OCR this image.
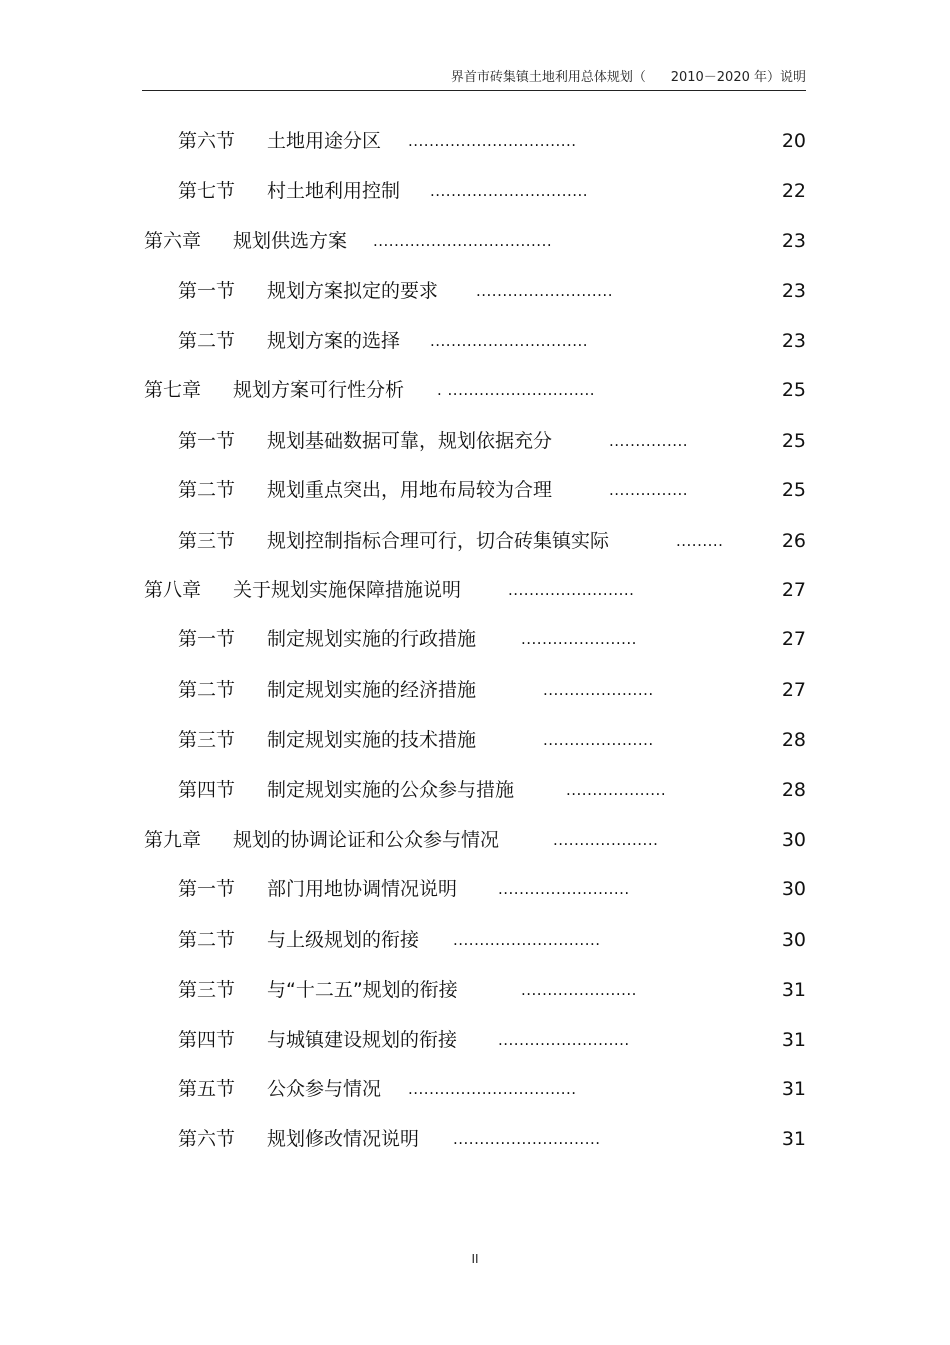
界首市砖集镇土地利用总体规划（ 2010－2020 年）说明
第六节 土地用途分区 ................................	20
第七节 村土地利用控制 ..............................	22
第六章 规划供选方案 ..................................	23
第一节 规划方案拟定的要求	..........................	23
第二节 规划方案的选择 ..............................	23
第七章 规划方案可行性分析 . ............................	25
第一节 规划基础数据可靠，规划依据充分	...............	25
第二节 规划重点突出，用地布局较为合理	...............	25
第三节 规划控制指标合理可行，切合砖集镇实际	.........	26
第八章 关于规划实施保障措施说明	........................	27
第一节 制定规划实施的行政措施	......................	27
第二节 制定规划实施的经济措施	.....................	27
第三节 制定规划实施的技术措施	.....................	28
第四节 制定规划实施的公众参与措施	...................	28
第九章 规划的协调论证和公众参与情况	....................	30
第一节 部门用地协调情况说明	.........................	30
第二节 与上级规划的衔接 ............................	30
第三节 与“十二五”规划的衔接	......................	31
第四节 与城镇建设规划的衔接	.........................	31
第五节 公众参与情况 ................................	31
第六节 规划修改情况说明 ............................	31
II
